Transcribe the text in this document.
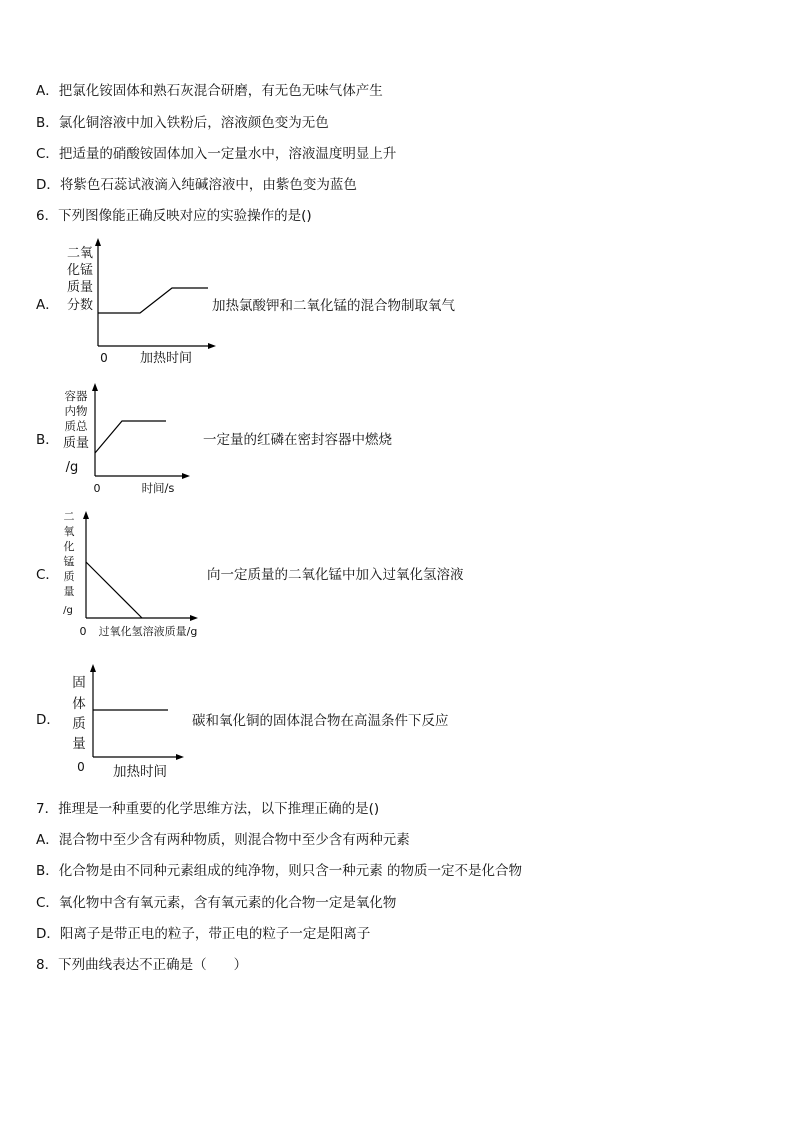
A．把氯化铵固体和熟石灰混合研磨，有无色无味气体产生
B．氯化铜溶液中加入铁粉后，溶液颜色变为无色
C．把适量的硝酸铵固体加入一定量水中，溶液温度明显上升
D．将紫色石蕊试液滴入纯碱溶液中，由紫色变为蓝色
6．下列图像能正确反映对应的实验操作的是()
A．
二氧
化锰
质量
分数
0 加热时间
加热氯酸钾和二氧化锰的混合物制取氧气
B．
容器
内物
质总
质量
/g
0	时间/s
一定量的红磷在密封容器中燃烧
C．
二
氧
化
锰
质
量
/g
0 过氧化氢溶液质量/g
向一定质量的二氧化锰中加入过氧化氢溶液
D．
固
体
质
量
0 加热时间
碳和氧化铜的固体混合物在高温条件下反应
7．推理是一种重要的化学思维方法，以下推理正确的是()
A．混合物中至少含有两种物质，则混合物中至少含有两种元素
B．化合物是由不同种元素组成的纯净物，则只含一种元素 的物质一定不是化合物
C．氧化物中含有氧元素，含有氧元素的化合物一定是氧化物
D．阳离子是带正电的粒子，带正电的粒子一定是阳离子
8．下列曲线表达不正确是（　　）
